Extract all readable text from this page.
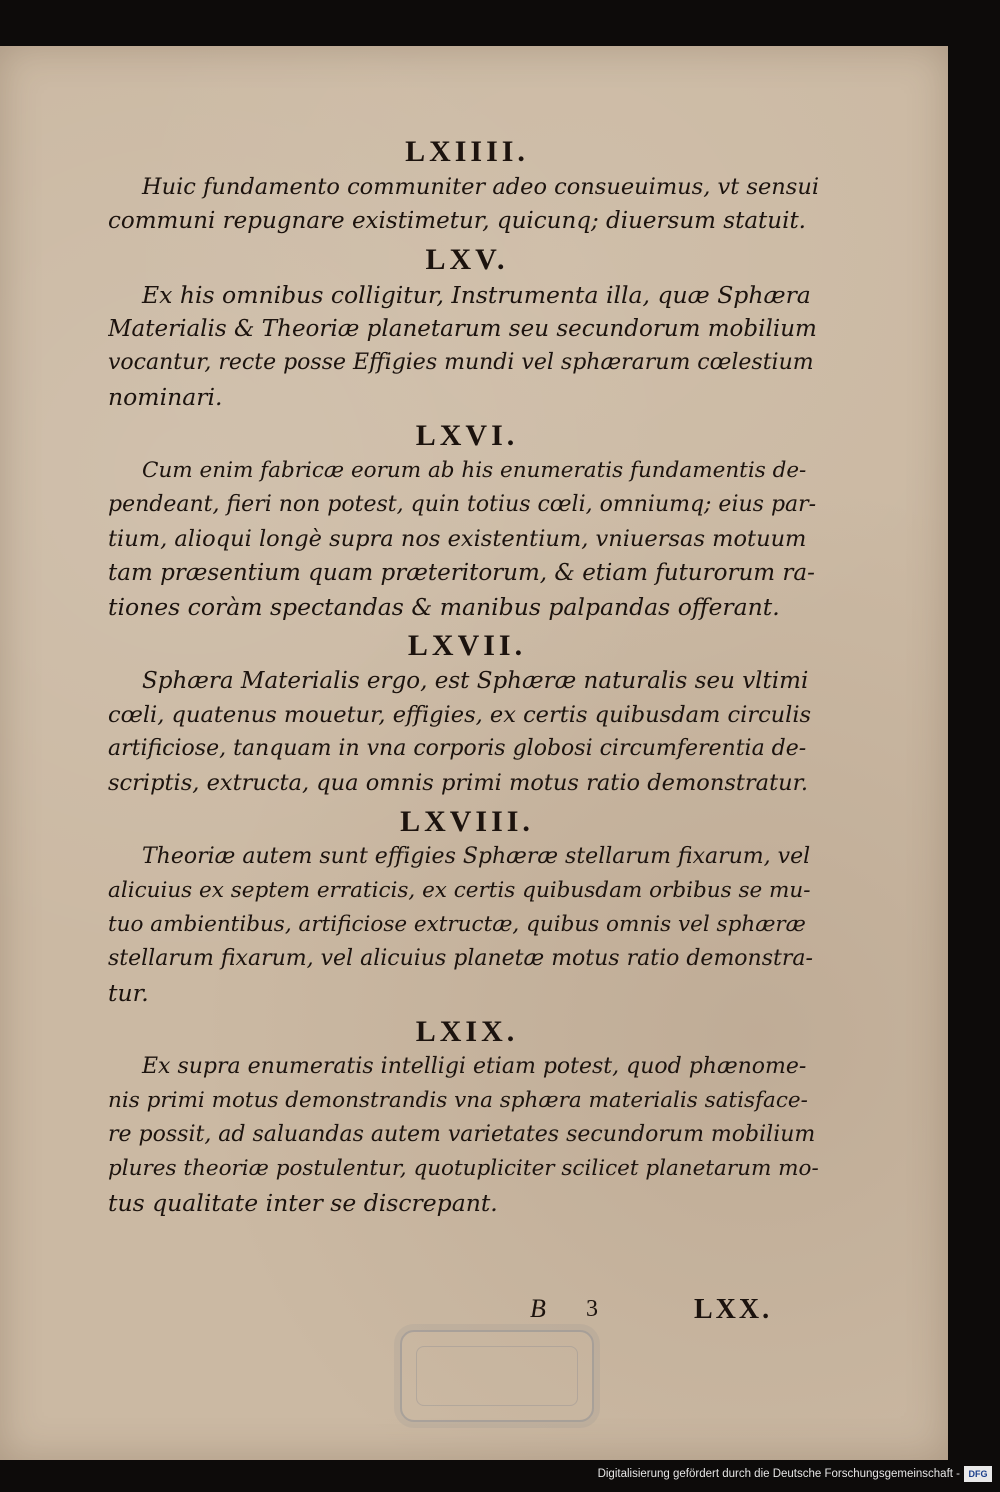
LXIIII.
Huic fundamento communiter adeo consueuimus, vt sensui
communi repugnare existimetur, quicunq; diuersum statuit.
LXV.
Ex his omnibus colligitur, Instrumenta illa, quæ Sphæra
Materialis & Theoriæ planetarum seu secundorum mobilium
vocantur, recte posse Effigies mundi vel sphærarum cœlestium
nominari.
LXVI.
Cum enim fabricæ eorum ab his enumeratis fundamentis de-
pendeant, fieri non potest, quin totius cœli, omniumq; eius par-
tium, alioqui longè supra nos existentium, vniuersas motuum
tam præsentium quam præteritorum, & etiam futurorum ra-
tiones coràm spectandas & manibus palpandas offerant.
LXVII.
Sphæra Materialis ergo, est Sphæræ naturalis seu vltimi
cœli, quatenus mouetur, effigies, ex certis quibusdam circulis
artificiose, tanquam in vna corporis globosi circumferentia de-
scriptis, extructa, qua omnis primi motus ratio demonstratur.
LXVIII.
Theoriæ autem sunt effigies Sphæræ stellarum fixarum, vel
alicuius ex septem erraticis, ex certis quibusdam orbibus se mu-
tuo ambientibus, artificiose extructæ, quibus omnis vel sphæræ
stellarum fixarum, vel alicuius planetæ motus ratio demonstra-
tur.
LXIX.
Ex supra enumeratis intelligi etiam potest, quod phænome-
nis primi motus demonstrandis vna sphæra materialis satisface-
re possit, ad saluandas autem varietates secundorum mobilium
plures theoriæ postulentur, quotupliciter scilicet planetarum mo-
tus qualitate inter se discrepant.
B 3	LXX.
Digitalisierung gefördert durch die Deutsche Forschungsgemeinschaft - DFG
